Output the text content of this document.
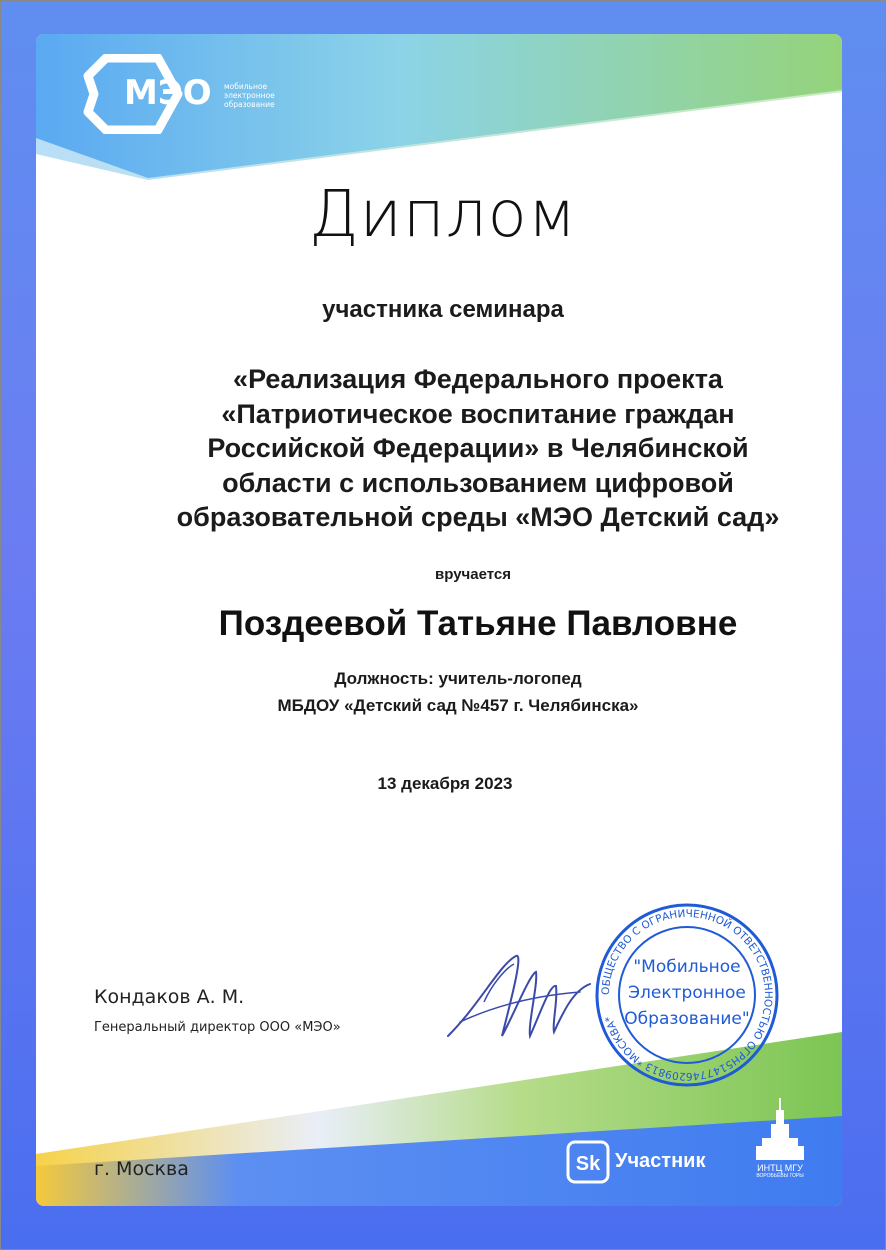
МЭО мобильное
электронное
образование
Диплом
участника семинара
«Реализация Федерального проекта
«Патриотическое воспитание граждан
Российской Федерации» в Челябинской
области с использованием цифровой
образовательной среды «МЭО Детский сад»
вручается
Поздеевой Татьяне Павловне
Должность: учитель-логопед
МБДОУ «Детский сад №457 г. Челябинска»
13 декабря 2023
Кондаков А. М.
Генеральный директор ООО «МЭО»
ОБЩЕСТВО С ОГРАНИЧЕННОЙ ОТВЕТСТВЕННОСТЬЮ ОГРН5147746209813 *МОСКВА*
"Мобильное
Электронное
Образование"
Sk Участник	ИНТЦ МГУ
ВОРОБЬЁВЫ ГОРЫ
г. Москва
